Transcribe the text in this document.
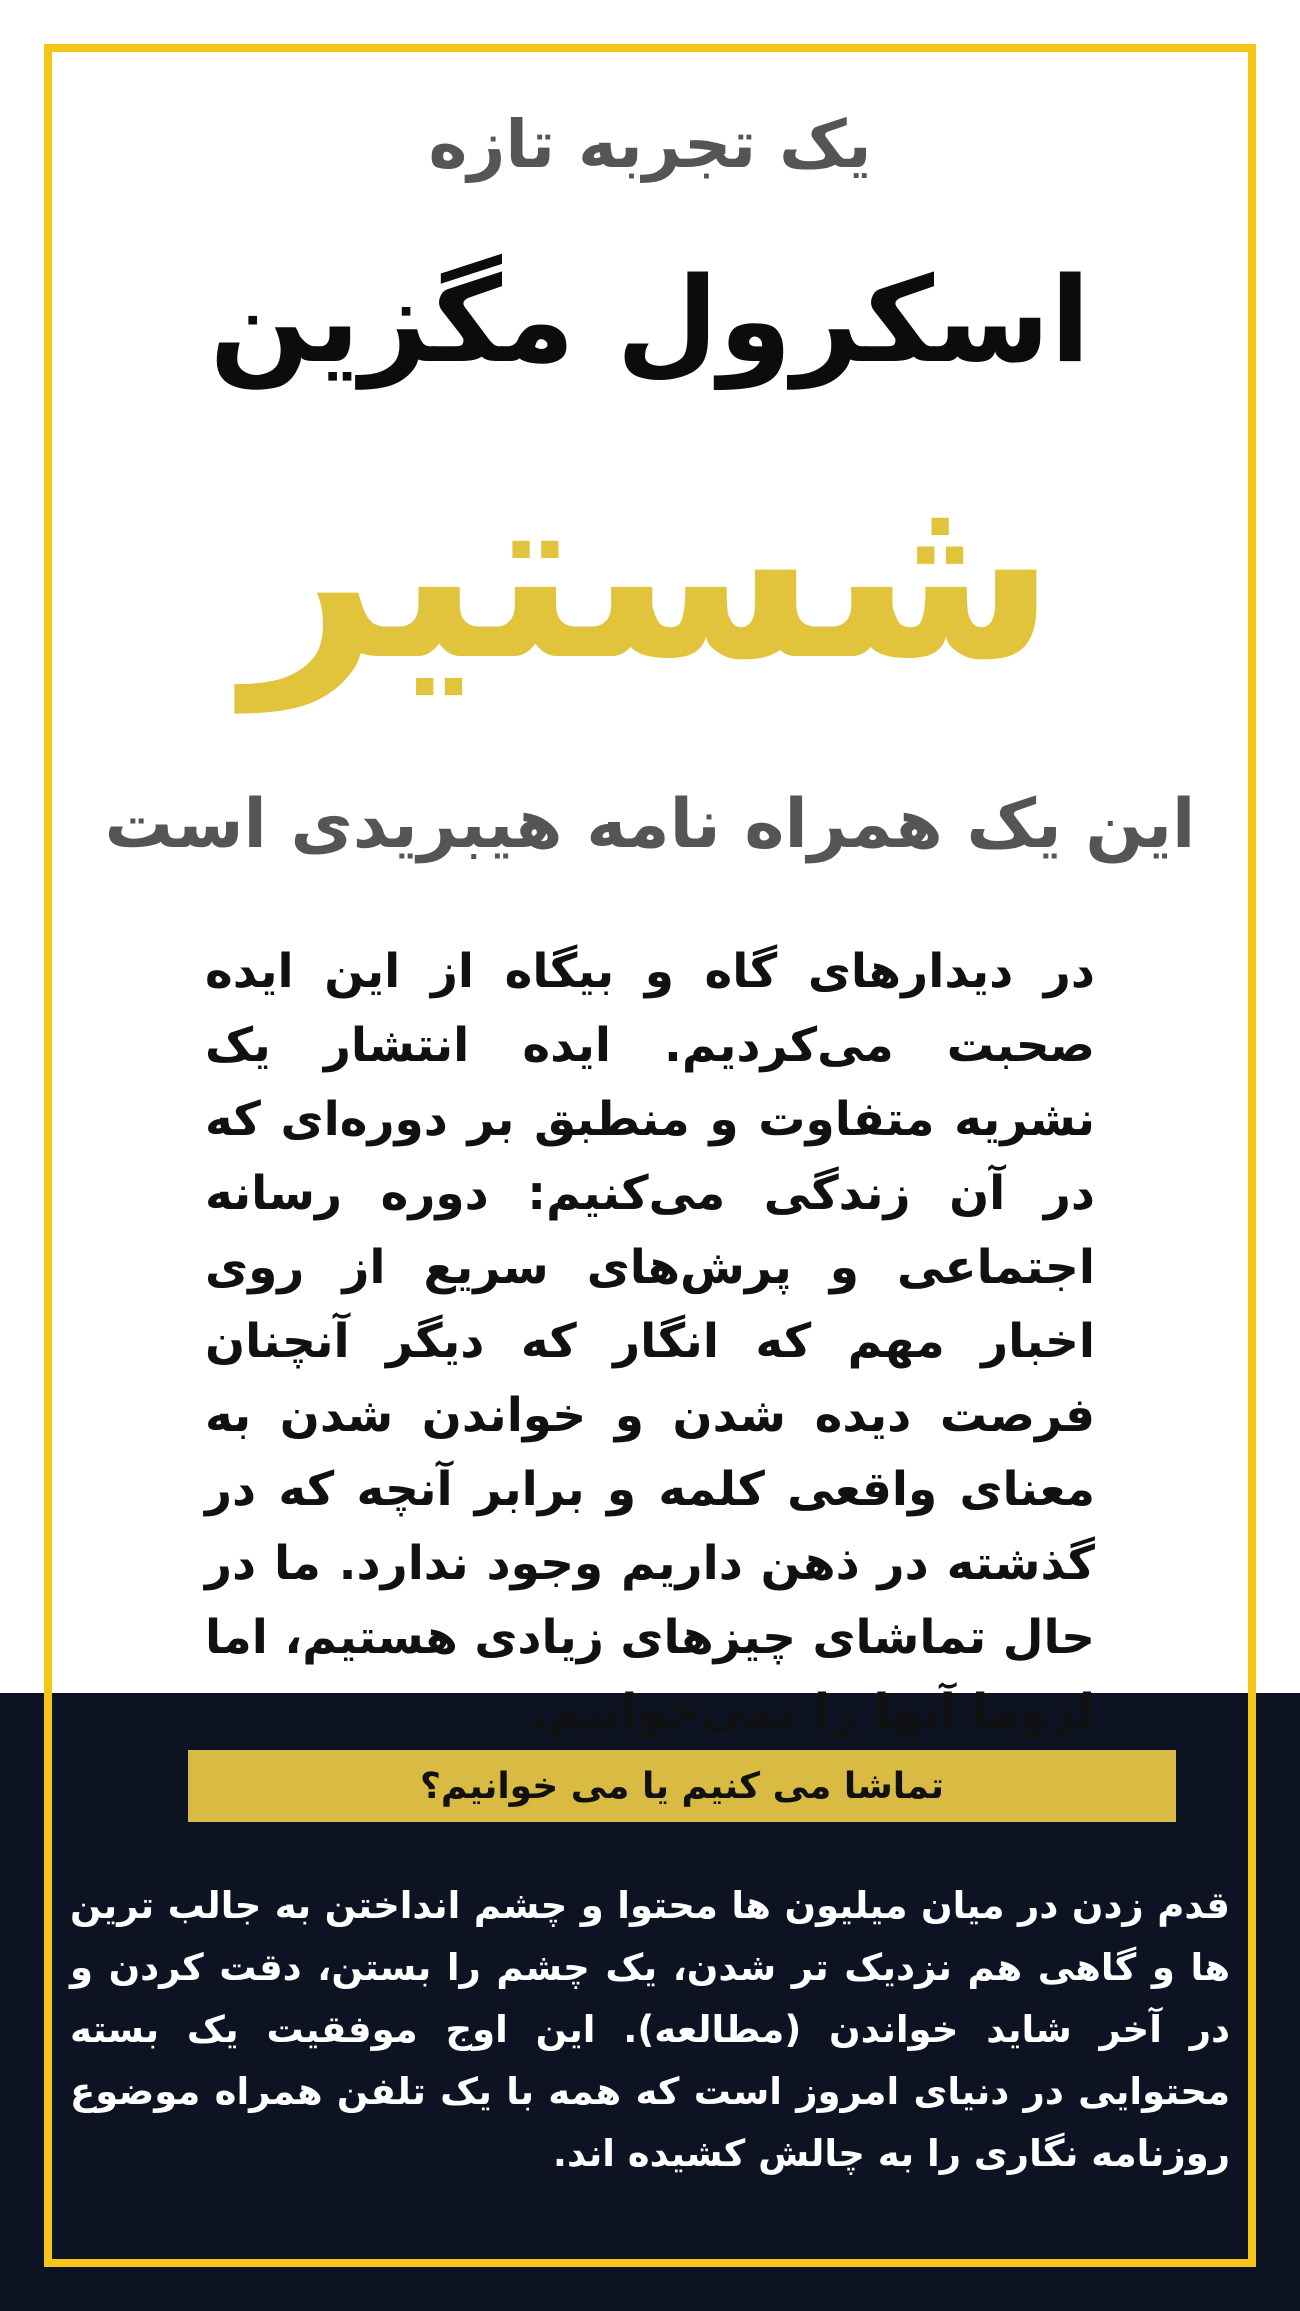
یک تجربه تازه

اسکرول مگزین
شستیر
این یک همراه نامه هیبریدی است

در دیدارهای گاه و بیگاه از این ایده صحبت می‌کردیم. ایده انتشار یک نشریه متفاوت و منطبق بر دوره‌ای که در آن زندگی می‌کنیم: دوره رسانه اجتماعی و پرش‌های سریع از روی اخبار مهم که انگار که دیگر آنچنان فرصت دیده شدن و خواندن شدن به معنای واقعی کلمه و برابر آنچه که در گذشته در ذهن داریم وجود ندارد. ما در حال تماشای چیزهای زیادی هستیم، اما لزوما آنها را نمی‌خوانیم.

تماشا می کنیم یا می خوانیم؟

قدم زدن در میان میلیون ها محتوا و چشم انداختن به جالب ترین ها و گاهی هم نزدیک تر شدن، یک چشم را بستن، دقت کردن و در آخر شاید خواندن (مطالعه). این اوج موفقیت یک بسته محتوایی در دنیای امروز است که همه با یک تلفن همراه موضوع روزنامه نگاری را به چالش کشیده اند.
